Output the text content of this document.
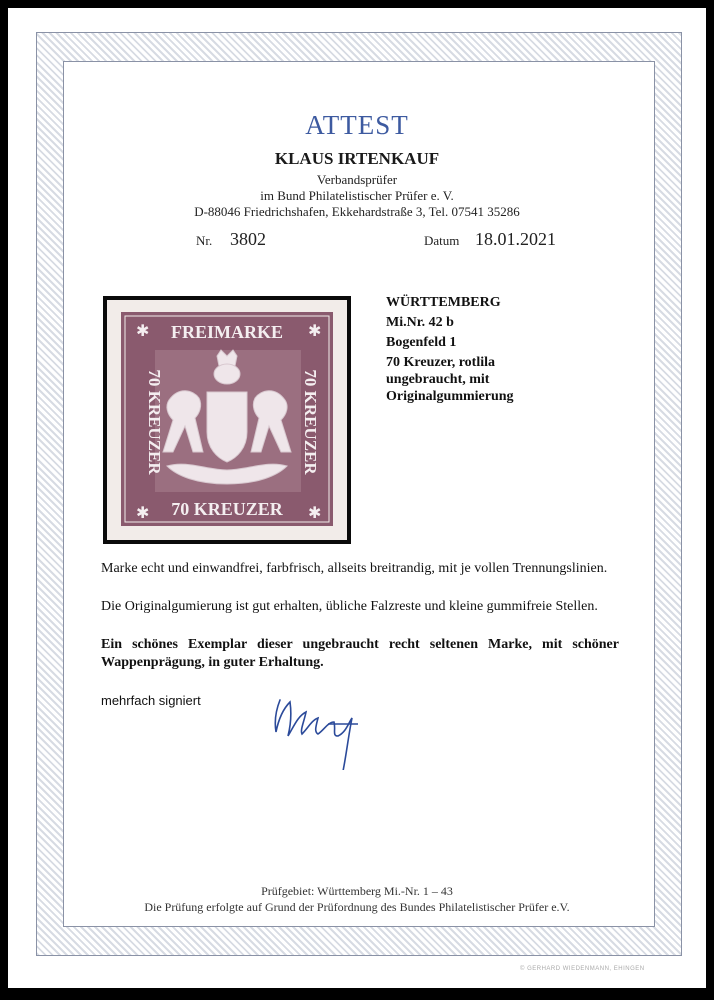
ATTEST
KLAUS IRTENKAUF
Verbandsprüfer
im Bund Philatelistischer Prüfer e. V.
D-88046 Friedrichshafen, Ekkehardstraße 3, Tel. 07541 35286
Nr. 3802	Datum 18.01.2021
✱	✱
✱	✱
FREIMARKE
70 KREUZER
70 KREUZER	70 KREUZER
WÜRTTEMBERG
Mi.Nr. 42 b
Bogenfeld 1
70 Kreuzer, rotlila
ungebraucht, mit
Originalgummierung
Marke echt und einwandfrei, farbfrisch, allseits breitrandig, mit je vollen Trennungslinien.
Die Originalgumierung ist gut erhalten, übliche Falzreste und kleine gummifreie Stellen.
Ein schönes Exemplar dieser ungebraucht recht seltenen Marke, mit schöner Wappenprägung, in guter Erhaltung.
mehrfach signiert
Prüfgebiet: Württemberg Mi.-Nr. 1 – 43
Die Prüfung erfolgte auf Grund der Prüfordnung des Bundes Philatelistischer Prüfer e.V.
© GERHARD WIEDENMANN, EHINGEN
